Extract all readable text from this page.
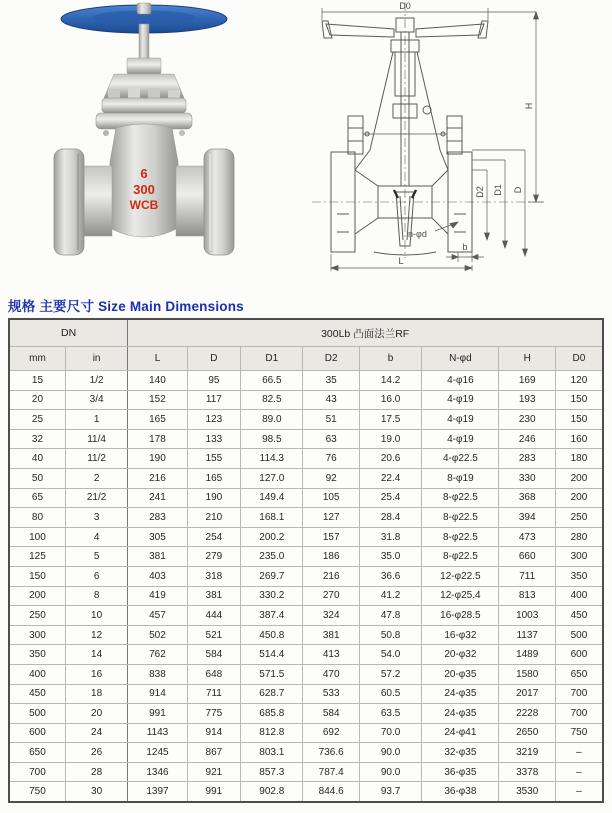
6
300
WCB
D0
H
D2 D1 D
n-φd
b
L
规格 主要尺寸 Size Main Dimensions
DN		300Lb 凸面法兰RF							
mm	in	L	D	D1	D2	b	N-φd	H	D0
15	1/2	140	95	66.5	35	14.2	4-φ16	169	120
20	3/4	152	117	82.5	43	16.0	4-φ19	193	150
25	1	165	123	89.0	51	17.5	4-φ19	230	150
32	11/4	178	133	98.5	63	19.0	4-φ19	246	160
40	11/2	190	155	114.3	76	20.6	4-φ22.5	283	180
50	2	216	165	127.0	92	22.4	8-φ19	330	200
65	21/2	241	190	149.4	105	25.4	8-φ22.5	368	200
80	3	283	210	168.1	127	28.4	8-φ22.5	394	250
100	4	305	254	200.2	157	31.8	8-φ22.5	473	280
125	5	381	279	235.0	186	35.0	8-φ22.5	660	300
150	6	403	318	269.7	216	36.6	12-φ22.5	711	350
200	8	419	381	330.2	270	41.2	12-φ25.4	813	400
250	10	457	444	387.4	324	47.8	16-φ28.5	1003	450
300	12	502	521	450.8	381	50.8	16-φ32	1137	500
350	14	762	584	514.4	413	54.0	20-φ32	1489	600
400	16	838	648	571.5	470	57.2	20-φ35	1580	650
450	18	914	711	628.7	533	60.5	24-φ35	2017	700
500	20	991	775	685.8	584	63.5	24-φ35	2228	700
600	24	1143	914	812.8	692	70.0	24-φ41	2650	750
650	26	1245	867	803.1	736.6	90.0	32-φ35	3219	–
700	28	1346	921	857.3	787.4	90.0	36-φ35	3378	–
750	30	1397	991	902.8	844.6	93.7	36-φ38	3530	–
